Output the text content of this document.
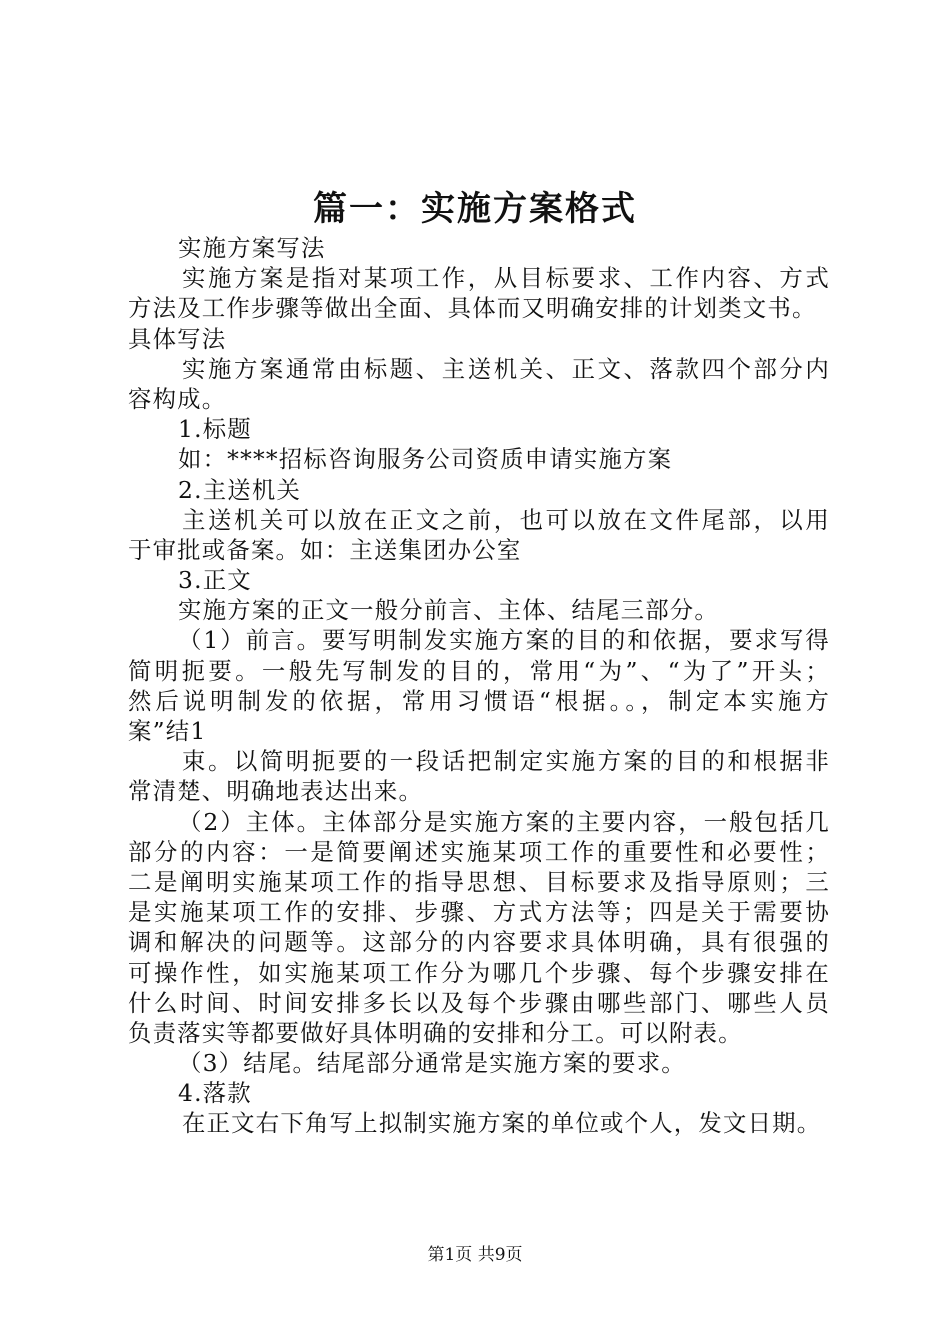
篇一：实施方案格式
实施方案写法
实施方案是指对某项工作，从目标要求、工作内容、方式
方法及工作步骤等做出全面、具体而又明确安排的计划类文书。
具体写法
实施方案通常由标题、主送机关、正文、落款四个部分内
容构成。
1.标题
如：****招标咨询服务公司资质申请实施方案
2.主送机关
主送机关可以放在正文之前，也可以放在文件尾部，以用
于审批或备案。如：主送集团办公室
3.正文
实施方案的正文一般分前言、主体、结尾三部分。
（1）前言。要写明制发实施方案的目的和依据，要求写得
简明扼要。一般先写制发的目的，常用“为”、“为了”开头；
然后说明制发的依据，常用习惯语“根据。。，制定本实施方
案”结1
束。以简明扼要的一段话把制定实施方案的目的和根据非
常清楚、明确地表达出来。
（2）主体。主体部分是实施方案的主要内容，一般包括几
部分的内容：一是简要阐述实施某项工作的重要性和必要性；
二是阐明实施某项工作的指导思想、目标要求及指导原则；三
是实施某项工作的安排、步骤、方式方法等；四是关于需要协
调和解决的问题等。这部分的内容要求具体明确，具有很强的
可操作性，如实施某项工作分为哪几个步骤、每个步骤安排在
什么时间、时间安排多长以及每个步骤由哪些部门、哪些人员
负责落实等都要做好具体明确的安排和分工。可以附表。
（3）结尾。结尾部分通常是实施方案的要求。
4.落款
在正文右下角写上拟制实施方案的单位或个人，发文日期。
第1页 共9页
